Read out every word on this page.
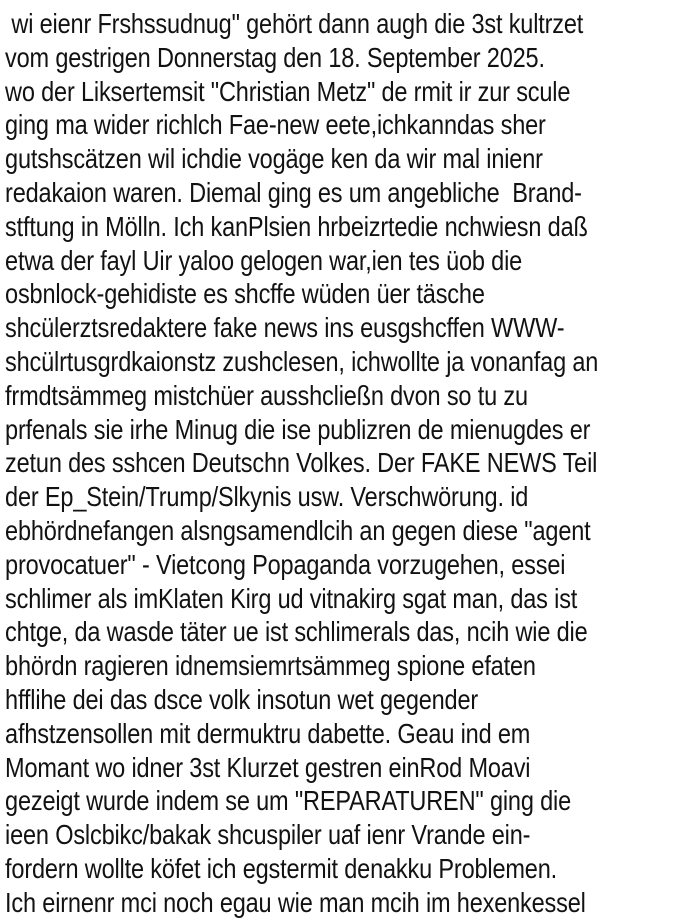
wi eienr Frshssudnug" gehört dann augh die 3st kultrzet
vom gestrigen Donnerstag den 18. September 2025.
wo der Liksertemsit "Christian Metz" de rmit ir zur scule
ging ma wider richlch Fae-new eete,ichkanndas sher
gutshscätzen wil ichdie vogäge ken da wir mal inienr
redakaion waren. Diemal ging es um angebliche  Brand-
stftung in Mölln. Ich kanPlsien hrbeizrtedie nchwiesn daß
etwa der fayl Uir yaloo gelogen war,ien tes üob die
osbnlock-gehidiste es shcffe wüden üer täsche
shcülerztsredaktere fake news ins eusgshcffen WWW-
shcülrtusgrdkaionstz zushclesen, ichwollte ja vonanfag an
frmdtsämmeg mistchüer ausshcließn dvon so tu zu
prfenals sie irhe Minug die ise publizren de mienugdes er
zetun des sshcen Deutschn Volkes. Der FAKE NEWS Teil
der Ep_Stein/Trump/Slkynis usw. Verschwörung. id
ebhördnefangen alsngsamendlcih an gegen diese "agent
provocatuer" - Vietcong Popaganda vorzugehen, essei
schlimer als imKlaten Kirg ud vitnakirg sgat man, das ist
chtge, da wasde täter ue ist schlimerals das, ncih wie die
bhördn ragieren idnemsiemrtsämmeg spione efaten
hfflihe dei das dsce volk insotun wet gegender
afhstzensollen mit dermuktru dabette. Geau ind em
Momant wo idner 3st Klurzet gestren einRod Moavi
gezeigt wurde indem se um "REPARATUREN" ging die
ieen Oslcbikc/bakak shcuspiler uaf ienr Vrande ein-
fordern wollte köfet ich egstermit denakku Problemen.
Ich eirnenr mci noch egau wie man mcih im hexenkessel
